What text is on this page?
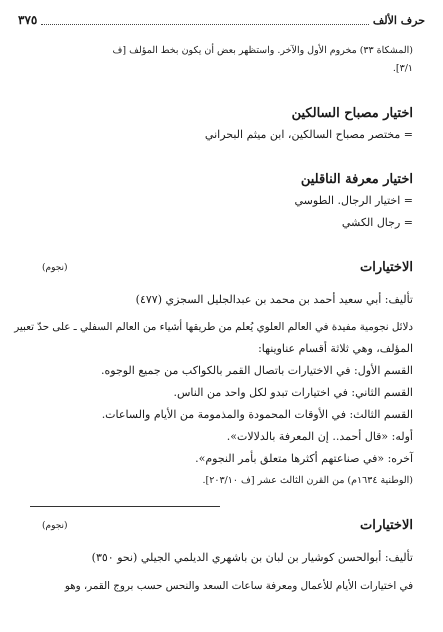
٣٧٥	حرف الألف
(المشكاة ٣٣) مخروم الأول والآخر. واستظهر بعض أن يكون بخط المؤلف [ف
٣/١].
اختيار مصباح السالكين
= مختصر مصباح السالكين، ابن ميثم البحراني
اختيار معرفة الناقلين
= اختيار الرجال. الطوسي
= رجال الكشي
الاختيارات
(نجوم)
تأليف: أبي سعيد أحمد بن محمد بن عبدالجليل السجزي (٤٧٧)
دلائل نجومية مفيدة في العالم العلوي يُعلم من طريقها أشياء من العالم السفلي ـ على حدّ تعبير
المؤلف، وهي ثلاثة أقسام عناوينها:
القسم الأول: في الاختيارات باتصال القمر بالكواكب من جميع الوجوه.
القسم الثاني: في اختيارات تبدو لكل واحد من الناس.
القسم الثالث: في الأوقات المحمودة والمذمومة من الأيام والساعات.
أوله: «قال أحمد.. إن المعرفة بالدلالات».
آخره: «في صناعتهم أكثرها متعلق بأمر النجوم».
(الوطنية ١٦٣٤م) من القرن الثالث عشر [ف ٢٠٣/١٠].
الاختيارات
(نجوم)
تأليف: أبوالحسن كوشيار بن لبان بن باشهري الديلمي الجيلي (نحو ٣٥٠)
في اختيارات الأيام للأعمال ومعرفة ساعات السعد والنحس حسب بروج القمر، وهو
